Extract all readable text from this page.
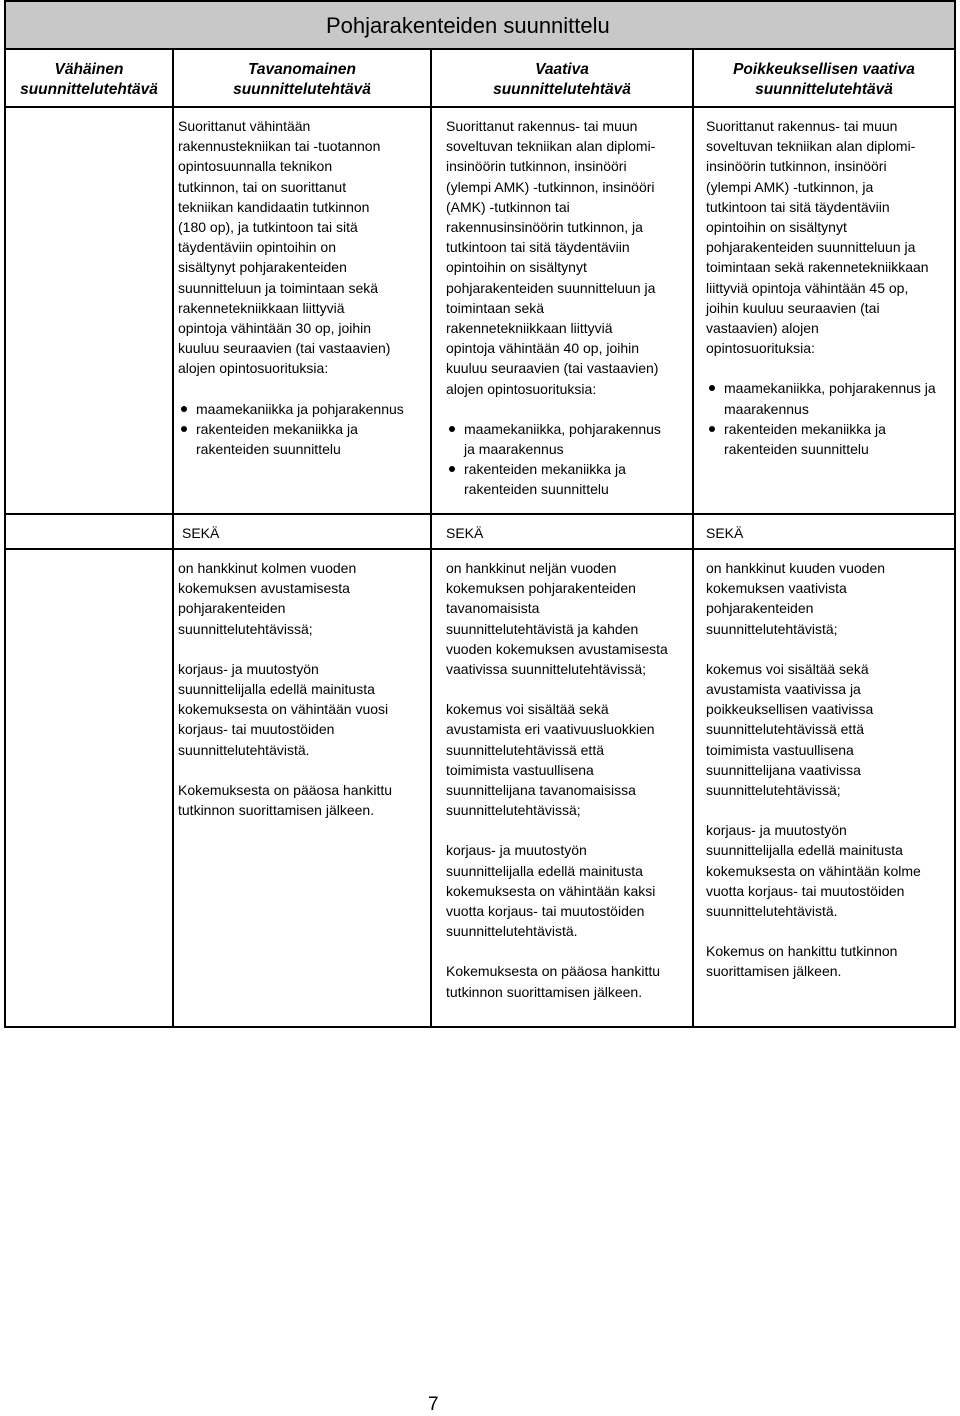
Pohjarakenteiden suunnittelu
Vähäinen
suunnittelutehtävä
Tavanomainen
suunnittelutehtävä
Vaativa
suunnittelutehtävä
Poikkeuksellisen vaativa
suunnittelutehtävä

Suorittanut vähintään
rakennustekniikan tai -tuotannon
opintosuunnalla teknikon
tutkinnon, tai on suorittanut
tekniikan kandidaatin tutkinnon
(180 op), ja tutkintoon tai sitä
täydentäviin opintoihin on
sisältynyt pohjarakenteiden
suunnitteluun ja toimintaan sekä
rakennetekniikkaan liittyviä
opintoja vähintään 30 op, joihin
kuuluu seuraavien (tai vastaavien)
alojen opintosuorituksia:

maamekaniikka ja pohjarakennus
rakenteiden mekaniikka ja
rakenteiden suunnittelu

Suorittanut rakennus- tai muun
soveltuvan tekniikan alan diplomi-
insinöörin tutkinnon, insinööri
(ylempi AMK) -tutkinnon, insinööri
(AMK) -tutkinnon tai
rakennusinsinöörin tutkinnon, ja
tutkintoon tai sitä täydentäviin
opintoihin on sisältynyt
pohjarakenteiden suunnitteluun ja
toimintaan sekä
rakennetekniikkaan liittyviä
opintoja vähintään 40 op, joihin
kuuluu seuraavien (tai vastaavien)
alojen opintosuorituksia:

maamekaniikka, pohjarakennus
ja maarakennus
rakenteiden mekaniikka ja
rakenteiden suunnittelu

Suorittanut rakennus- tai muun
soveltuvan tekniikan alan diplomi-
insinöörin tutkinnon, insinööri
(ylempi AMK) -tutkinnon, ja
tutkintoon tai sitä täydentäviin
opintoihin on sisältynyt
pohjarakenteiden suunnitteluun ja
toimintaan sekä rakennetekniikkaan
liittyviä opintoja vähintään 45 op,
joihin kuuluu seuraavien (tai
vastaavien) alojen
opintosuorituksia:

maamekaniikka, pohjarakennus ja
maarakennus
rakenteiden mekaniikka ja
rakenteiden suunnittelu
SEKÄ	SEKÄ	SEKÄ

on hankkinut kolmen vuoden
kokemuksen avustamisesta
pohjarakenteiden
suunnittelutehtävissä;

korjaus- ja muutostyön
suunnittelijalla edellä mainitusta
kokemuksesta on vähintään vuosi
korjaus- tai muutostöiden
suunnittelutehtävistä.

Kokemuksesta on pääosa hankittu
tutkinnon suorittamisen jälkeen.

on hankkinut neljän vuoden
kokemuksen pohjarakenteiden
tavanomaisista
suunnittelutehtävistä ja kahden
vuoden kokemuksen avustamisesta
vaativissa suunnittelutehtävissä;

kokemus voi sisältää sekä
avustamista eri vaativuusluokkien
suunnittelutehtävissä että
toimimista vastuullisena
suunnittelijana tavanomaisissa
suunnittelutehtävissä;

korjaus- ja muutostyön
suunnittelijalla edellä mainitusta
kokemuksesta on vähintään kaksi
vuotta korjaus- tai muutostöiden
suunnittelutehtävistä.

Kokemuksesta on pääosa hankittu
tutkinnon suorittamisen jälkeen.

on hankkinut kuuden vuoden
kokemuksen vaativista
pohjarakenteiden
suunnittelutehtävistä;

kokemus voi sisältää sekä
avustamista vaativissa ja
poikkeuksellisen vaativissa
suunnittelutehtävissä että
toimimista vastuullisena
suunnittelijana vaativissa
suunnittelutehtävissä;

korjaus- ja muutostyön
suunnittelijalla edellä mainitusta
kokemuksesta on vähintään kolme
vuotta korjaus- tai muutostöiden
suunnittelutehtävistä.

Kokemus on hankittu tutkinnon
suorittamisen jälkeen.

7
